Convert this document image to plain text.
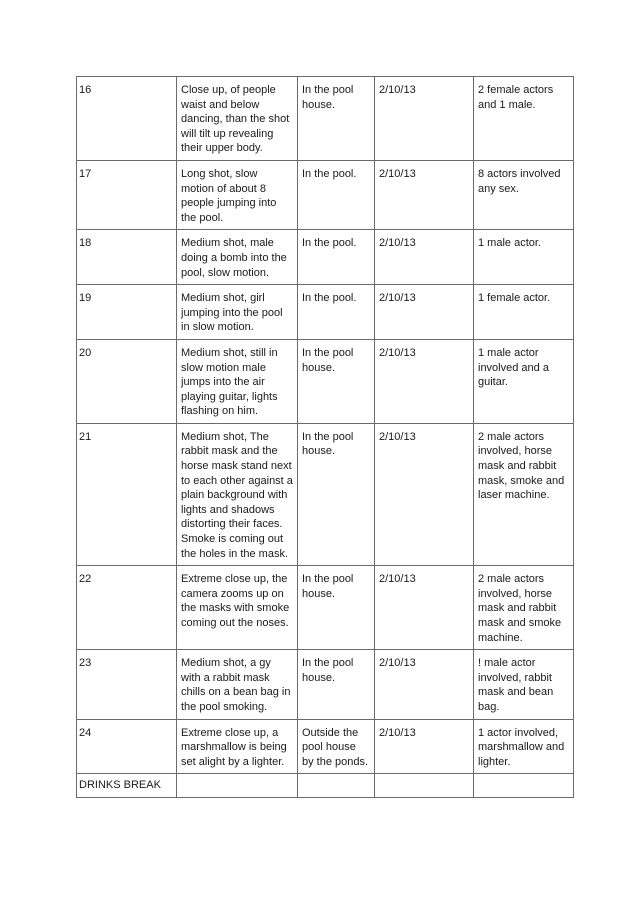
16	Close up, of people waist and below dancing, than the shot will tilt up revealing their upper body.	In the pool house.	2/10/13	2 female actors and 1 male.
17	Long shot, slow motion of about 8 people jumping into the pool.	In the pool.	2/10/13	8 actors involved any sex.
18	Medium shot, male doing a bomb into the pool, slow motion.	In the pool.	2/10/13	1 male actor.
19	Medium shot, girl jumping into the pool in slow motion.	In the pool.	2/10/13	1 female actor.
20	Medium shot, still in slow motion male jumps into the air playing guitar, lights flashing on him.	In the pool house.	2/10/13	1 male actor involved and a guitar.
21	Medium shot, The rabbit mask and the horse mask stand next to each other against a plain background with lights and shadows distorting their faces. Smoke is coming out the holes in the mask.	In the pool house.	2/10/13	2 male actors involved, horse mask and rabbit mask, smoke and laser machine.
22	Extreme close up, the camera zooms up on the masks with smoke coming out the noses.	In the pool house.	2/10/13	2 male actors involved, horse mask and rabbit mask and smoke machine.
23	Medium shot, a gy with a rabbit mask chills on a bean bag in the pool smoking.	In the pool house.	2/10/13	! male actor involved, rabbit mask and bean bag.
24	Extreme close up, a marshmallow is being set alight by a lighter.	Outside the pool house by the ponds.	2/10/13	1 actor involved, marshmallow and lighter.
DRINKS BREAK				
